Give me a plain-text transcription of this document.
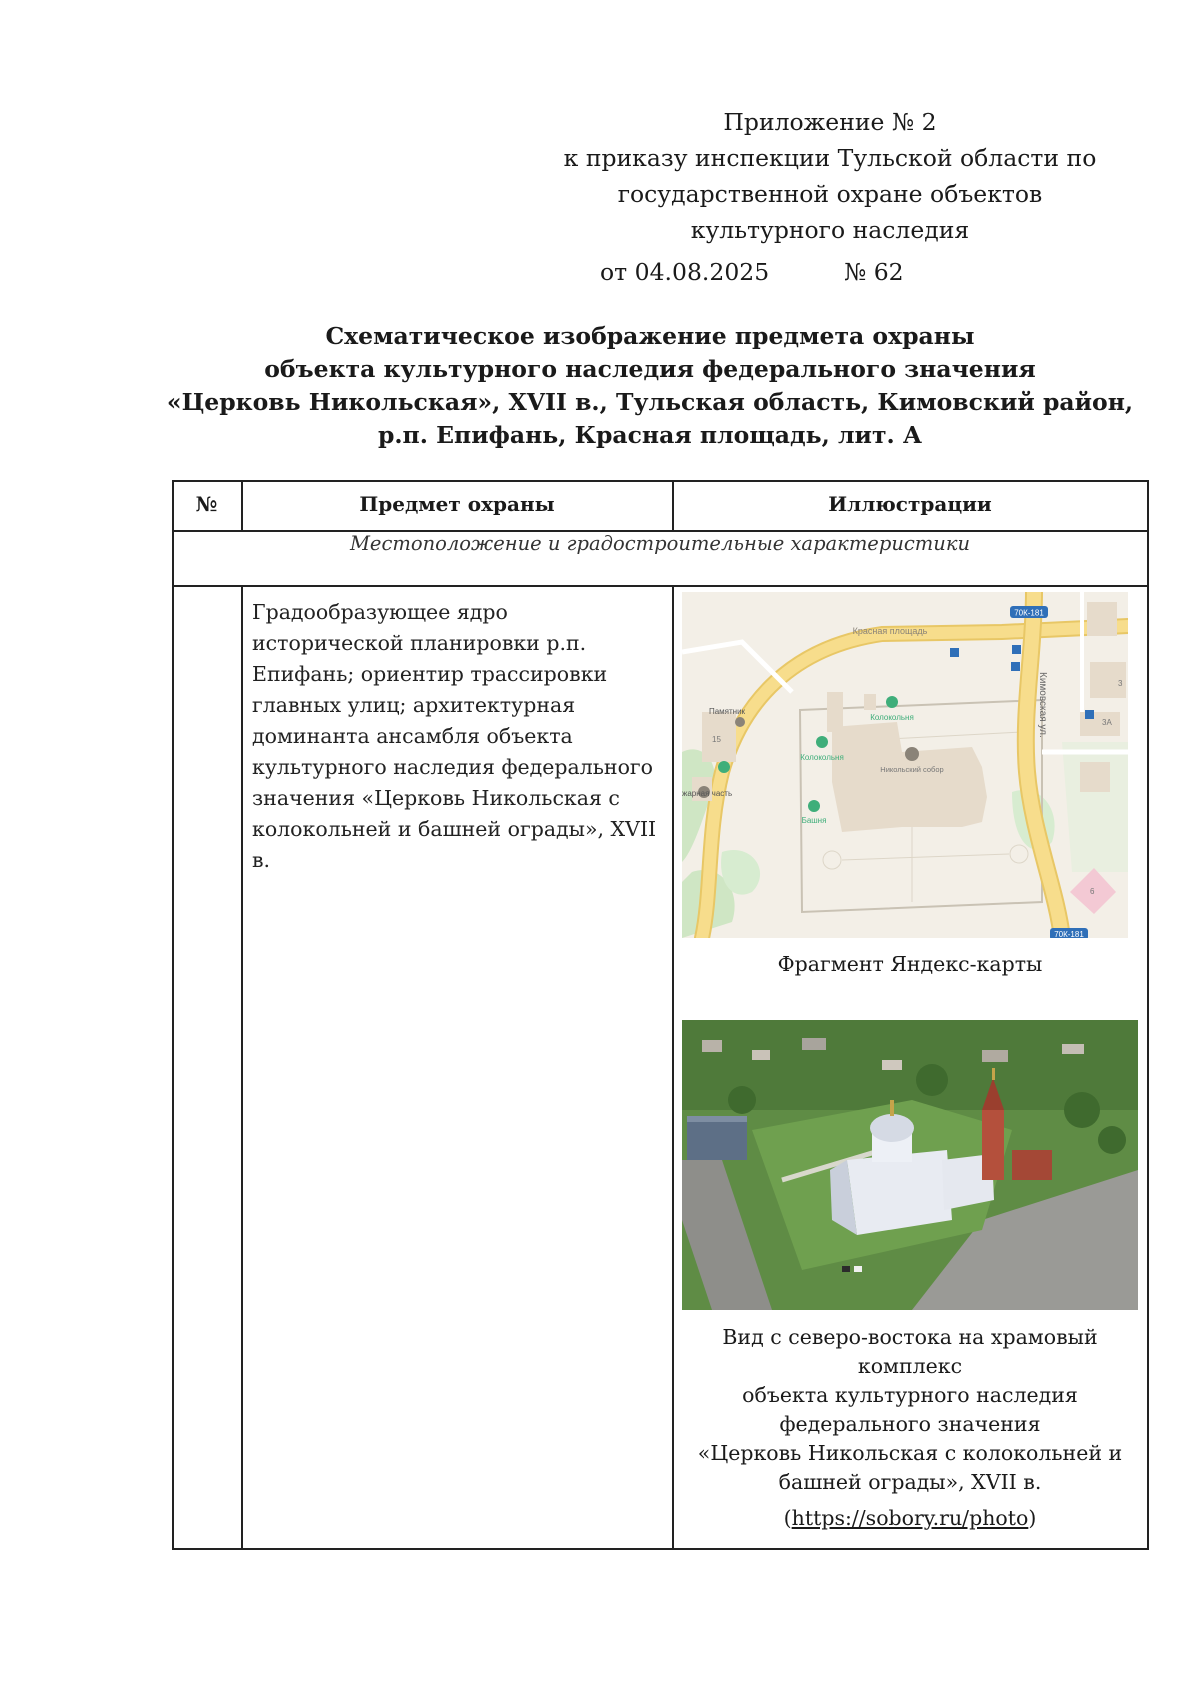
Приложение № 2
к приказу инспекции Тульской области по
государственной охране объектов
культурного наследия
от 04.08.2025	№ 62
Схематическое изображение предмета охраны
объекта культурного наследия федерального значения
«Церковь Никольская», XVII в., Тульская область, Кимовский район,
р.п. Епифань, Красная площадь, лит. А
№	Предмет охраны	Иллюстрации
Местоположение и градостроительные характеристики
Градообразующее ядро исторической планировки р.п. Епифань; ориентир трассировки главных улиц; архитектурная доминанта ансамбля объекта культурного наследия федерального значения «Церковь Никольская с колокольней и башней ограды», XVII в.
70К-181
70К-181
Красная площадь
Памятник
Колокольня
Колокольня
Никольский собор
Башня
жарная часть
15
3
3А
6
Кимовская ул.
Фрагмент Яндекс-карты
Вид с северо-востока на храмовый
комплекс
объекта культурного наследия
федерального значения
«Церковь Никольская с колокольней и
башней ограды», XVII в.
(https://sobory.ru/photo)
